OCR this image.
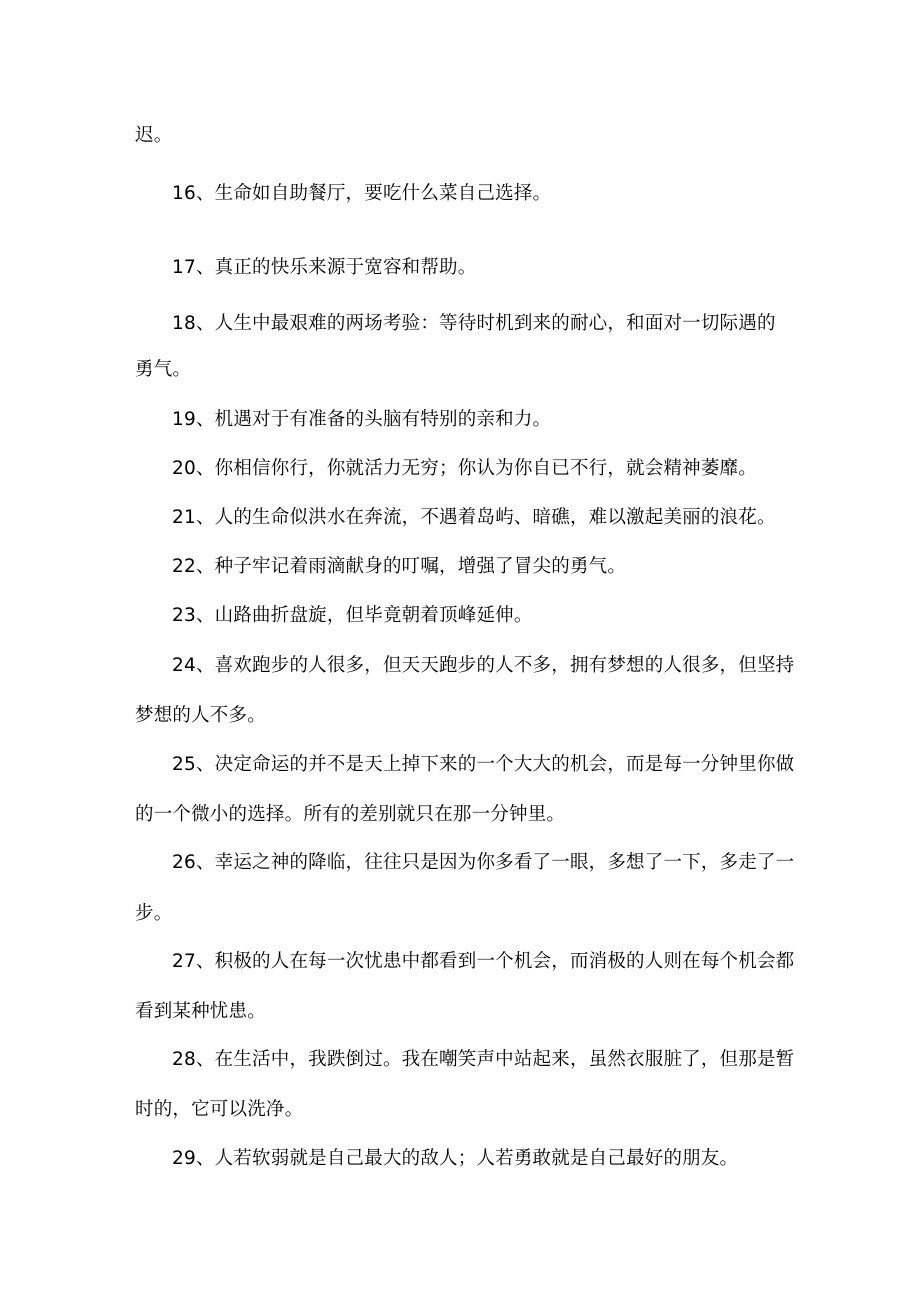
迟。
16、生命如自助餐厅，要吃什么菜自己选择。
17、真正的快乐来源于宽容和帮助。
18、人生中最艰难的两场考验：等待时机到来的耐心，和面对一切际遇的
勇气。
19、机遇对于有准备的头脑有特别的亲和力。
20、你相信你行，你就活力无穷；你认为你自已不行，就会精神萎靡。
21、人的生命似洪水在奔流，不遇着岛屿、暗礁，难以激起美丽的浪花。
22、种子牢记着雨滴献身的叮嘱，增强了冒尖的勇气。
23、山路曲折盘旋，但毕竟朝着顶峰延伸。
24、喜欢跑步的人很多，但天天跑步的人不多，拥有梦想的人很多，但坚持
梦想的人不多。
25、决定命运的并不是天上掉下来的一个大大的机会，而是每一分钟里你做
的一个微小的选择。所有的差别就只在那一分钟里。
26、幸运之神的降临，往往只是因为你多看了一眼，多想了一下，多走了一
步。
27、积极的人在每一次忧患中都看到一个机会，而消极的人则在每个机会都
看到某种忧患。
28、在生活中，我跌倒过。我在嘲笑声中站起来，虽然衣服脏了，但那是暂
时的，它可以洗净。
29、人若软弱就是自己最大的敌人；人若勇敢就是自己最好的朋友。
